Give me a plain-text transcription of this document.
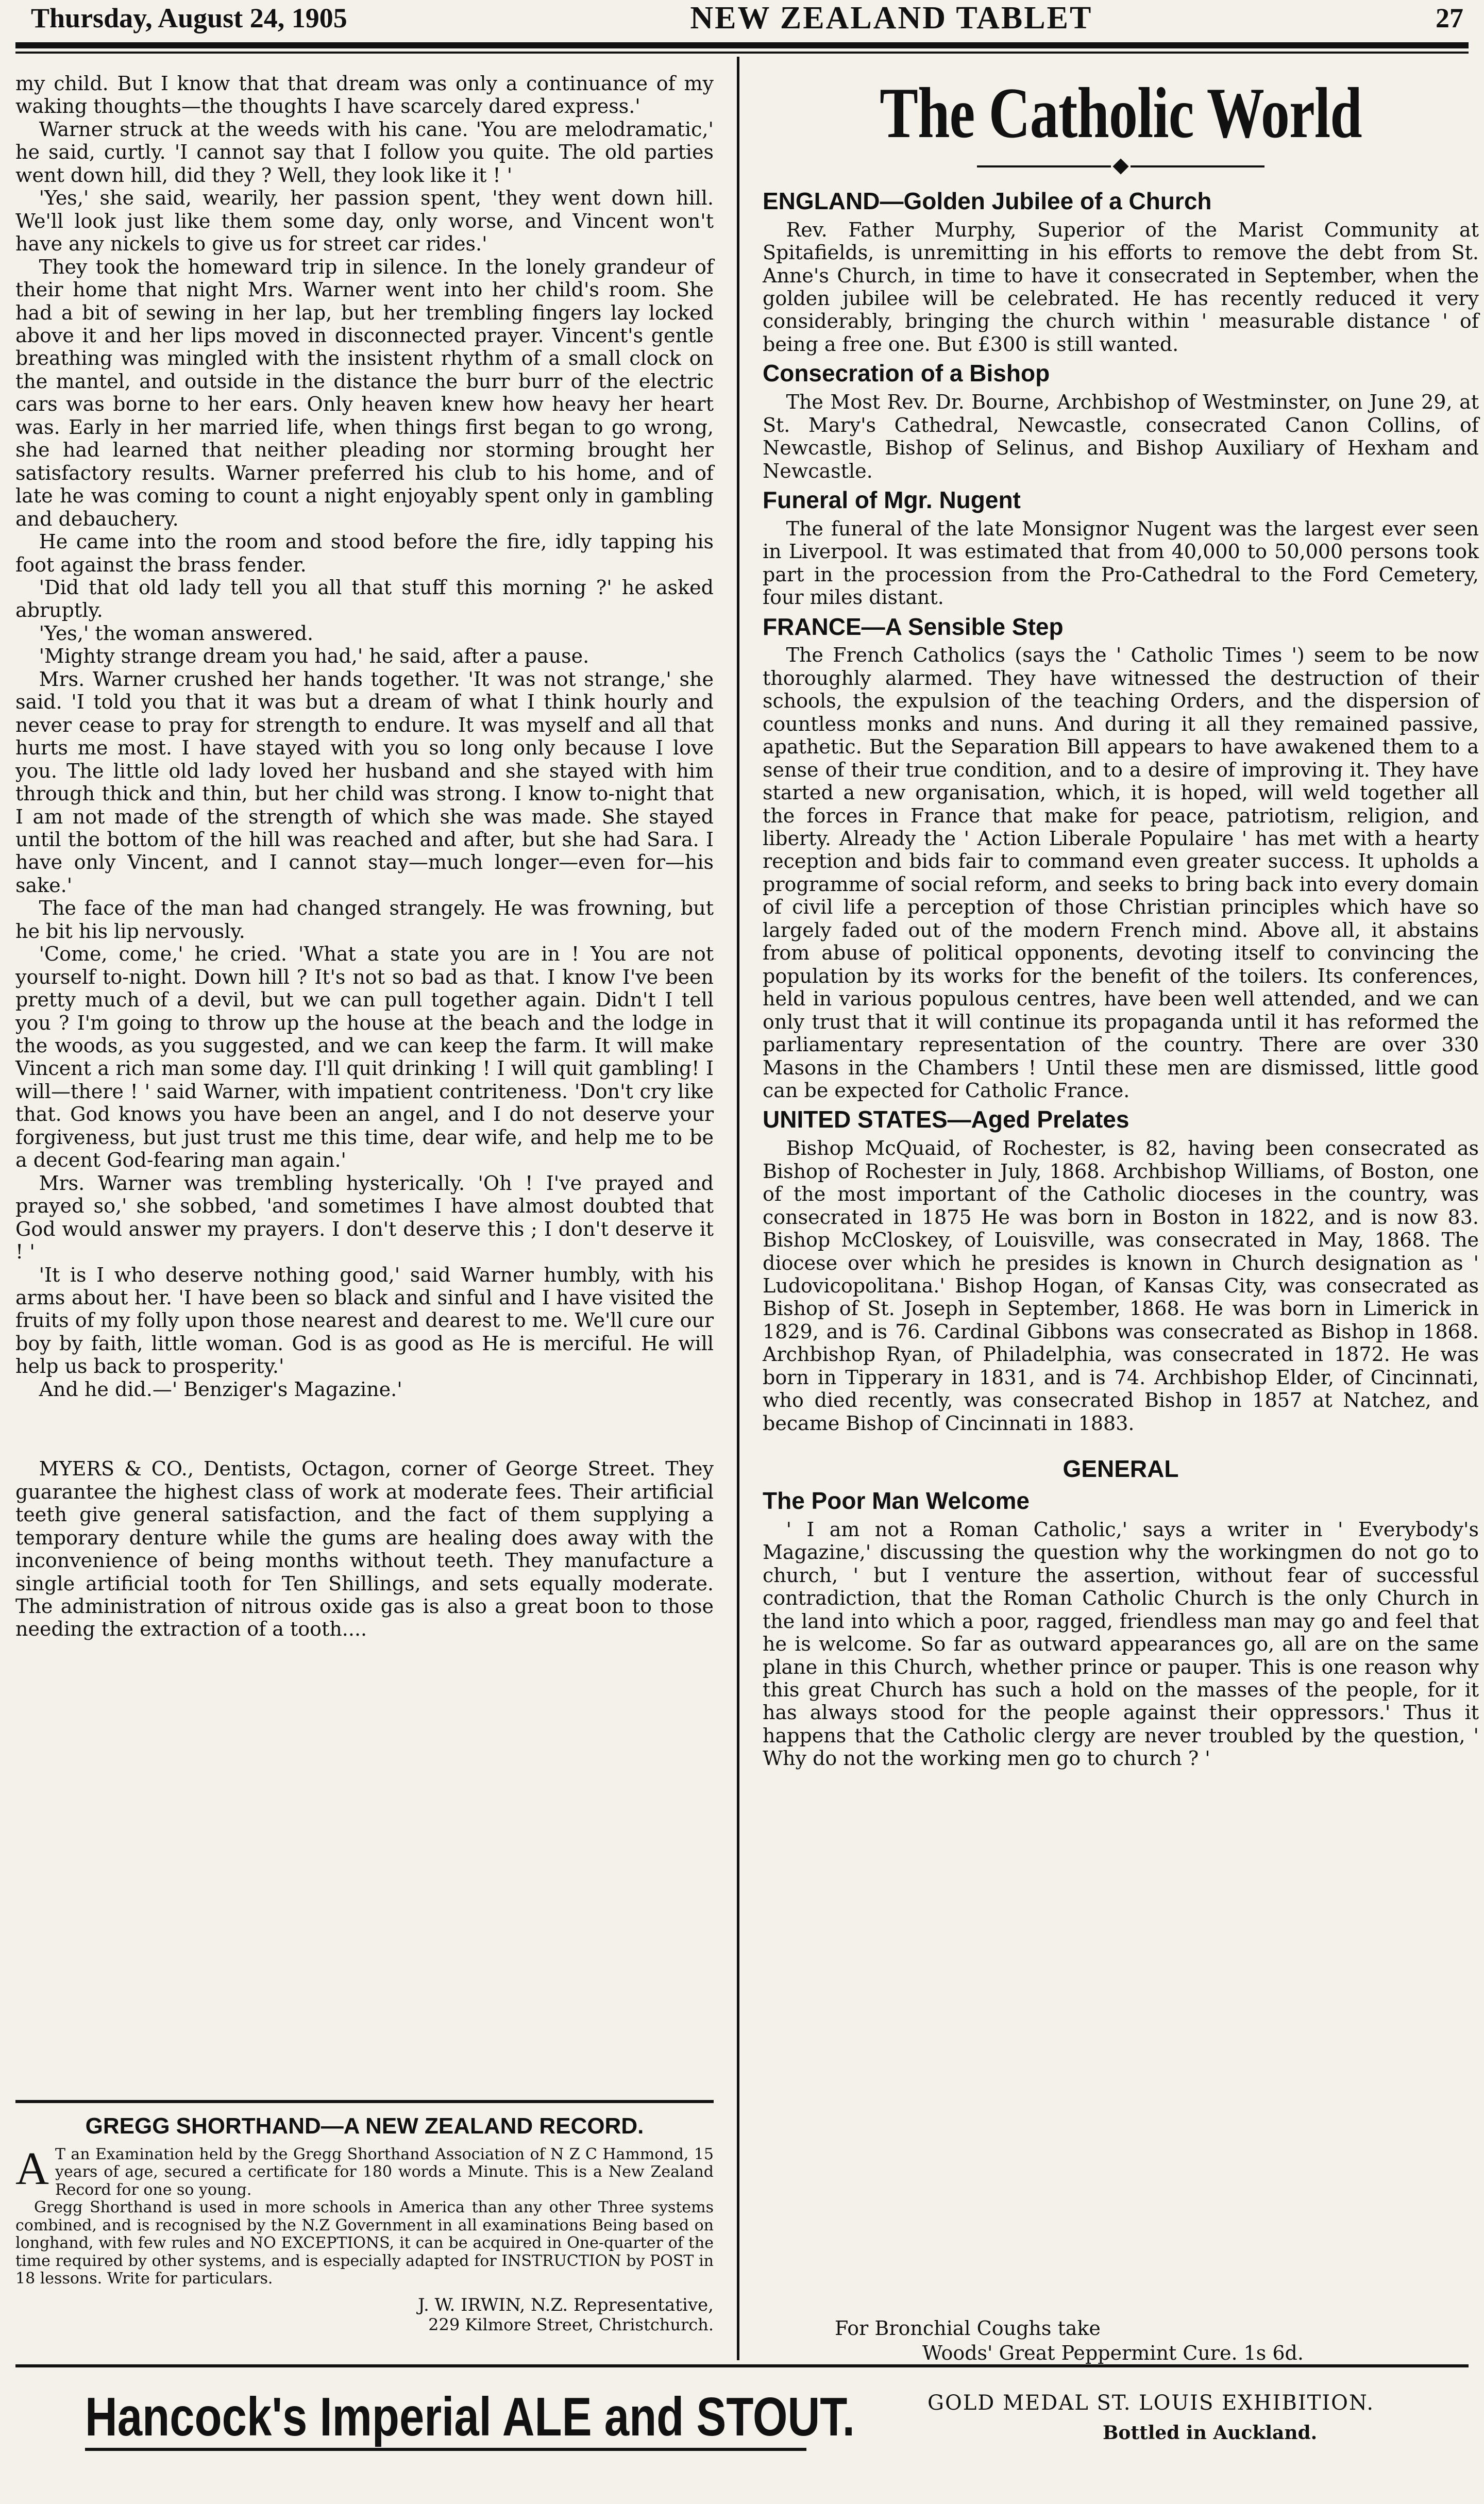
Thursday, August 24, 1905	NEW ZEALAND TABLET	27

my child. But I know that that dream was only a continuance of my waking thoughts—the thoughts I have scarcely dared express.'

Warner struck at the weeds with his cane. 'You are melodramatic,' he said, curtly. 'I cannot say that I follow you quite. The old parties went down hill, did they ? Well, they look like it ! '

'Yes,' she said, wearily, her passion spent, 'they went down hill. We'll look just like them some day, only worse, and Vincent won't have any nickels to give us for street car rides.'

They took the homeward trip in silence. In the lonely grandeur of their home that night Mrs. Warner went into her child's room. She had a bit of sewing in her lap, but her trembling fingers lay locked above it and her lips moved in disconnected prayer. Vincent's gentle breathing was mingled with the insistent rhythm of a small clock on the mantel, and outside in the distance the burr burr of the electric cars was borne to her ears. Only heaven knew how heavy her heart was. Early in her married life, when things first began to go wrong, she had learned that neither pleading nor storming brought her satisfactory results. Warner preferred his club to his home, and of late he was coming to count a night enjoyably spent only in gambling and debauchery.

He came into the room and stood before the fire, idly tapping his foot against the brass fender.

'Did that old lady tell you all that stuff this morning ?' he asked abruptly.

'Yes,' the woman answered.

'Mighty strange dream you had,' he said, after a pause.

Mrs. Warner crushed her hands together. 'It was not strange,' she said. 'I told you that it was but a dream of what I think hourly and never cease to pray for strength to endure. It was myself and all that hurts me most. I have stayed with you so long only because I love you. The little old lady loved her husband and she stayed with him through thick and thin, but her child was strong. I know to-night that I am not made of the strength of which she was made. She stayed until the bottom of the hill was reached and after, but she had Sara. I have only Vincent, and I cannot stay—much longer—even for—his sake.'

The face of the man had changed strangely. He was frowning, but he bit his lip nervously.

'Come, come,' he cried. 'What a state you are in ! You are not yourself to-night. Down hill ? It's not so bad as that. I know I've been pretty much of a devil, but we can pull together again. Didn't I tell you ? I'm going to throw up the house at the beach and the lodge in the woods, as you suggested, and we can keep the farm. It will make Vincent a rich man some day. I'll quit drinking ! I will quit gambling! I will—there ! ' said Warner, with impatient contriteness. 'Don't cry like that. God knows you have been an angel, and I do not deserve your forgiveness, but just trust me this time, dear wife, and help me to be a decent God-fearing man again.'

Mrs. Warner was trembling hysterically. 'Oh ! I've prayed and prayed so,' she sobbed, 'and sometimes I have almost doubted that God would answer my prayers. I don't deserve this ; I don't deserve it ! '

'It is I who deserve nothing good,' said Warner humbly, with his arms about her. 'I have been so black and sinful and I have visited the fruits of my folly upon those nearest and dearest to me. We'll cure our boy by faith, little woman. God is as good as He is merciful. He will help us back to prosperity.'

And he did.—' Benziger's Magazine.'

MYERS & CO., Dentists, Octagon, corner of George Street. They guarantee the highest class of work at moderate fees. Their artificial teeth give general satisfaction, and the fact of them supplying a temporary denture while the gums are healing does away with the inconvenience of being months without teeth. They manufacture a single artificial tooth for Ten Shillings, and sets equally moderate. The administration of nitrous oxide gas is also a great boon to those needing the extraction of a tooth....

GREGG SHORTHAND—A NEW ZEALAND RECORD.
A T an Examination held by the Gregg Shorthand Association of N Z C Hammond, 15 years of age, secured a certificate for 180 words a Minute. This is a New Zealand Record for one so young.
Gregg Shorthand is used in more schools in America than any other Three systems combined, and is recognised by the N.Z Government in all examinations Being based on longhand, with few rules and NO EXCEPTIONS, it can be acquired in One-quarter of the time required by other systems, and is especially adapted for INSTRUCTION by POST in 18 lessons. Write for particulars.
J. W. IRWIN, N.Z. Representative,
229 Kilmore Street, Christchurch.
The Catholic World
ENGLAND—Golden Jubilee of a Church

Rev. Father Murphy, Superior of the Marist Community at Spitafields, is unremitting in his efforts to remove the debt from St. Anne's Church, in time to have it consecrated in September, when the golden jubilee will be celebrated. He has recently reduced it very considerably, bringing the church within ' measurable distance ' of being a free one. But £300 is still wanted.

Consecration of a Bishop

The Most Rev. Dr. Bourne, Archbishop of Westminster, on June 29, at St. Mary's Cathedral, Newcastle, consecrated Canon Collins, of Newcastle, Bishop of Selinus, and Bishop Auxiliary of Hexham and Newcastle.

Funeral of Mgr. Nugent

The funeral of the late Monsignor Nugent was the largest ever seen in Liverpool. It was estimated that from 40,000 to 50,000 persons took part in the procession from the Pro-Cathedral to the Ford Cemetery, four miles distant.

FRANCE—A Sensible Step

The French Catholics (says the ' Catholic Times ') seem to be now thoroughly alarmed. They have witnessed the destruction of their schools, the expulsion of the teaching Orders, and the dispersion of countless monks and nuns. And during it all they remained passive, apathetic. But the Separation Bill appears to have awakened them to a sense of their true condition, and to a desire of improving it. They have started a new organisation, which, it is hoped, will weld together all the forces in France that make for peace, patriotism, religion, and liberty. Already the ' Action Liberale Populaire ' has met with a hearty reception and bids fair to command even greater success. It upholds a programme of social reform, and seeks to bring back into every domain of civil life a perception of those Christian principles which have so largely faded out of the modern French mind. Above all, it abstains from abuse of political opponents, devoting itself to convincing the population by its works for the benefit of the toilers. Its conferences, held in various populous centres, have been well attended, and we can only trust that it will continue its propaganda until it has reformed the parliamentary representation of the country. There are over 330 Masons in the Chambers ! Until these men are dismissed, little good can be expected for Catholic France.

UNITED STATES—Aged Prelates

Bishop McQuaid, of Rochester, is 82, having been consecrated as Bishop of Rochester in July, 1868. Archbishop Williams, of Boston, one of the most important of the Catholic dioceses in the country, was consecrated in 1875 He was born in Boston in 1822, and is now 83. Bishop McCloskey, of Louisville, was consecrated in May, 1868. The diocese over which he presides is known in Church designation as ' Ludovicopolitana.' Bishop Hogan, of Kansas City, was consecrated as Bishop of St. Joseph in September, 1868. He was born in Limerick in 1829, and is 76. Cardinal Gibbons was consecrated as Bishop in 1868. Archbishop Ryan, of Philadelphia, was consecrated in 1872. He was born in Tipperary in 1831, and is 74. Archbishop Elder, of Cincinnati, who died recently, was consecrated Bishop in 1857 at Natchez, and became Bishop of Cincinnati in 1883.

GENERAL
The Poor Man Welcome

' I am not a Roman Catholic,' says a writer in ' Everybody's Magazine,' discussing the question why the workingmen do not go to church, ' but I venture the assertion, without fear of successful contradiction, that the Roman Catholic Church is the only Church in the land into which a poor, ragged, friendless man may go and feel that he is welcome. So far as outward appearances go, all are on the same plane in this Church, whether prince or pauper. This is one reason why this great Church has such a hold on the masses of the people, for it has always stood for the people against their oppressors.' Thus it happens that the Catholic clergy are never troubled by the question, ' Why do not the working men go to church ? '

For Bronchial Coughs take
Woods' Great Peppermint Cure. 1s 6d.
Hancock's Imperial ALE and STOUT.	GOLD MEDAL ST. LOUIS EXHIBITION.
Bottled in Auckland.
